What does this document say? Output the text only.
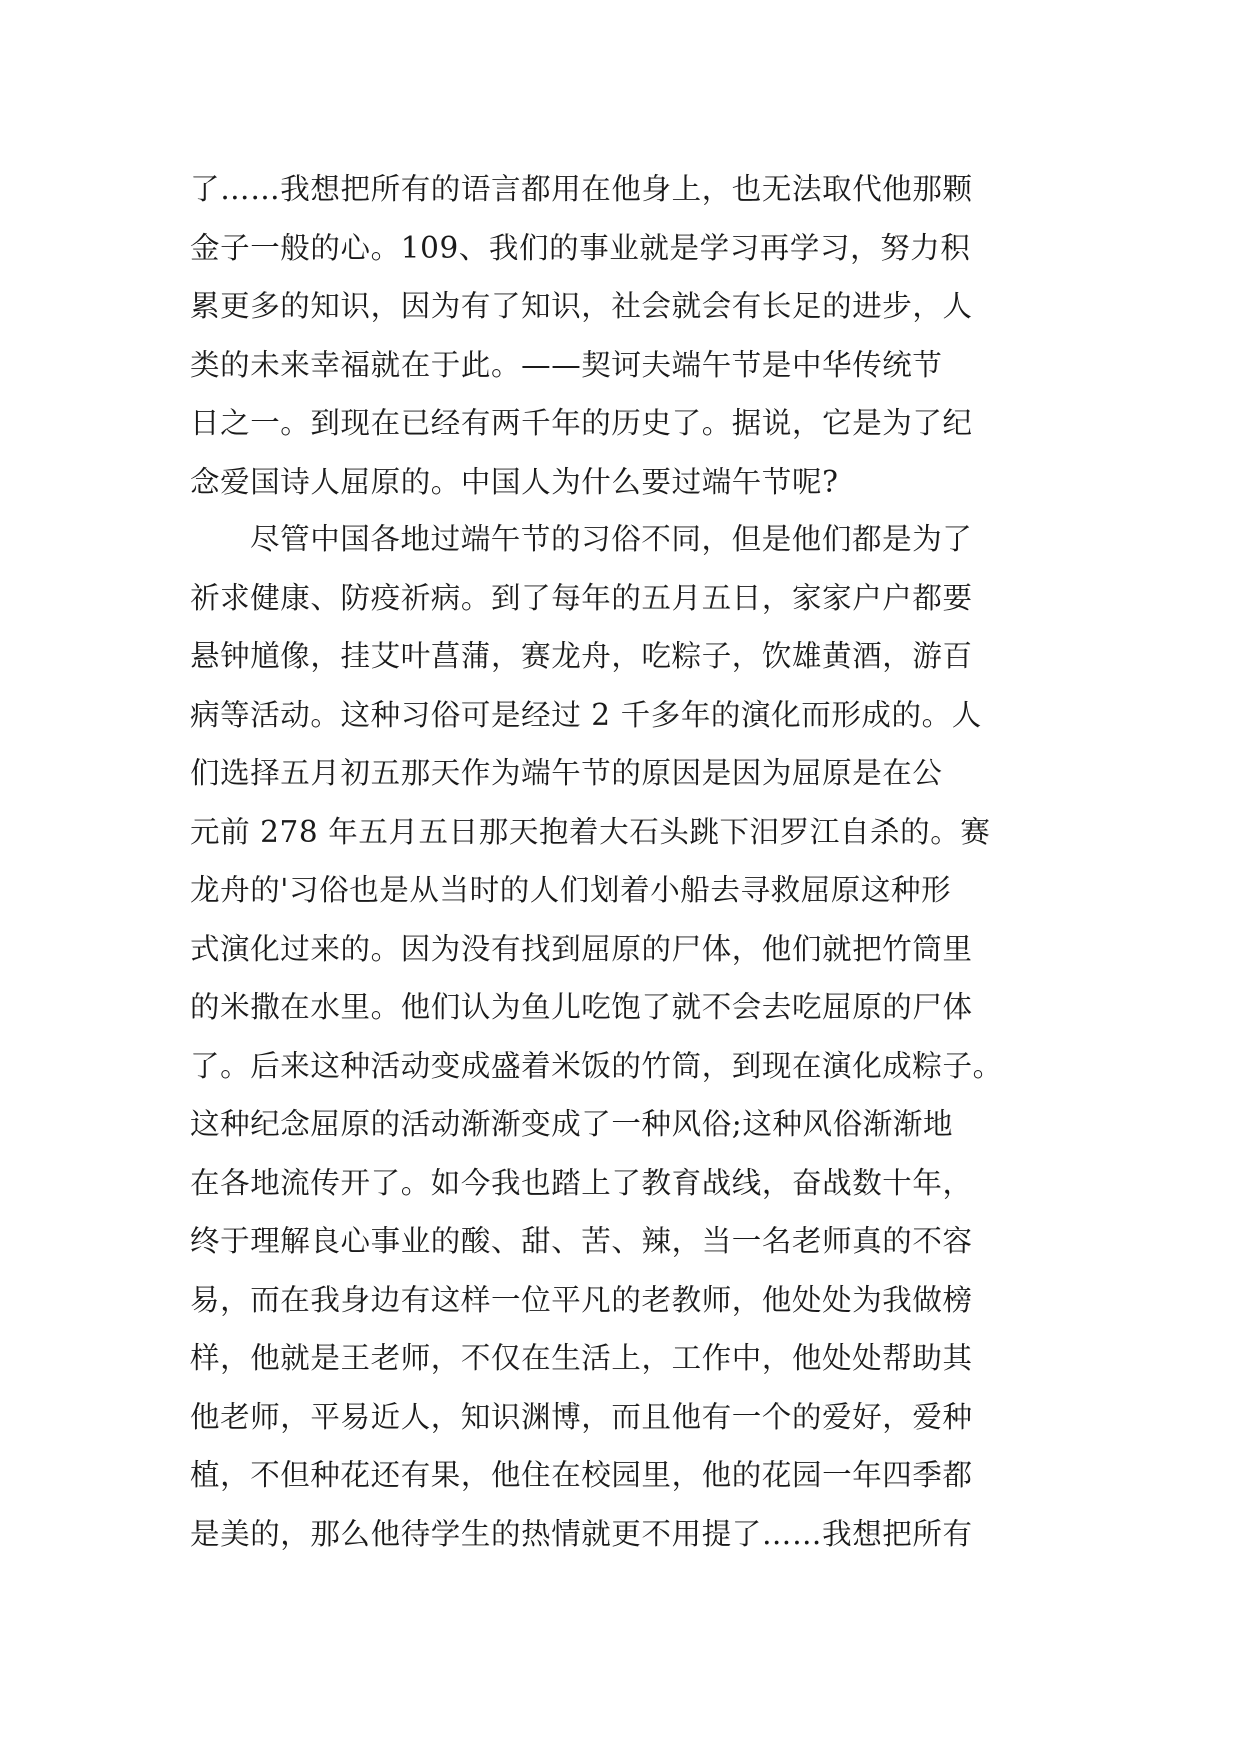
了……我想把所有的语言都用在他身上，也无法取代他那颗
金子一般的心。109、我们的事业就是学习再学习，努力积
累更多的知识，因为有了知识，社会就会有长足的进步，人
类的未来幸福就在于此。——契诃夫端午节是中华传统节
日之一。到现在已经有两千年的历史了。据说，它是为了纪
念爱国诗人屈原的。中国人为什么要过端午节呢?
尽管中国各地过端午节的习俗不同，但是他们都是为了
祈求健康、防疫祈病。到了每年的五月五日，家家户户都要
悬钟馗像，挂艾叶菖蒲，赛龙舟，吃粽子，饮雄黄酒，游百
病等活动。这种习俗可是经过 2 千多年的演化而形成的。人
们选择五月初五那天作为端午节的原因是因为屈原是在公
元前 278 年五月五日那天抱着大石头跳下汨罗江自杀的。赛
龙舟的'习俗也是从当时的人们划着小船去寻救屈原这种形
式演化过来的。因为没有找到屈原的尸体，他们就把竹筒里
的米撒在水里。他们认为鱼儿吃饱了就不会去吃屈原的尸体
了。后来这种活动变成盛着米饭的竹筒，到现在演化成粽子。
这种纪念屈原的活动渐渐变成了一种风俗;这种风俗渐渐地
在各地流传开了。如今我也踏上了教育战线，奋战数十年，
终于理解良心事业的酸、甜、苦、辣，当一名老师真的不容
易，而在我身边有这样一位平凡的老教师，他处处为我做榜
样，他就是王老师，不仅在生活上，工作中，他处处帮助其
他老师，平易近人，知识渊博，而且他有一个的爱好，爱种
植，不但种花还有果，他住在校园里，他的花园一年四季都
是美的，那么他待学生的热情就更不用提了……我想把所有
